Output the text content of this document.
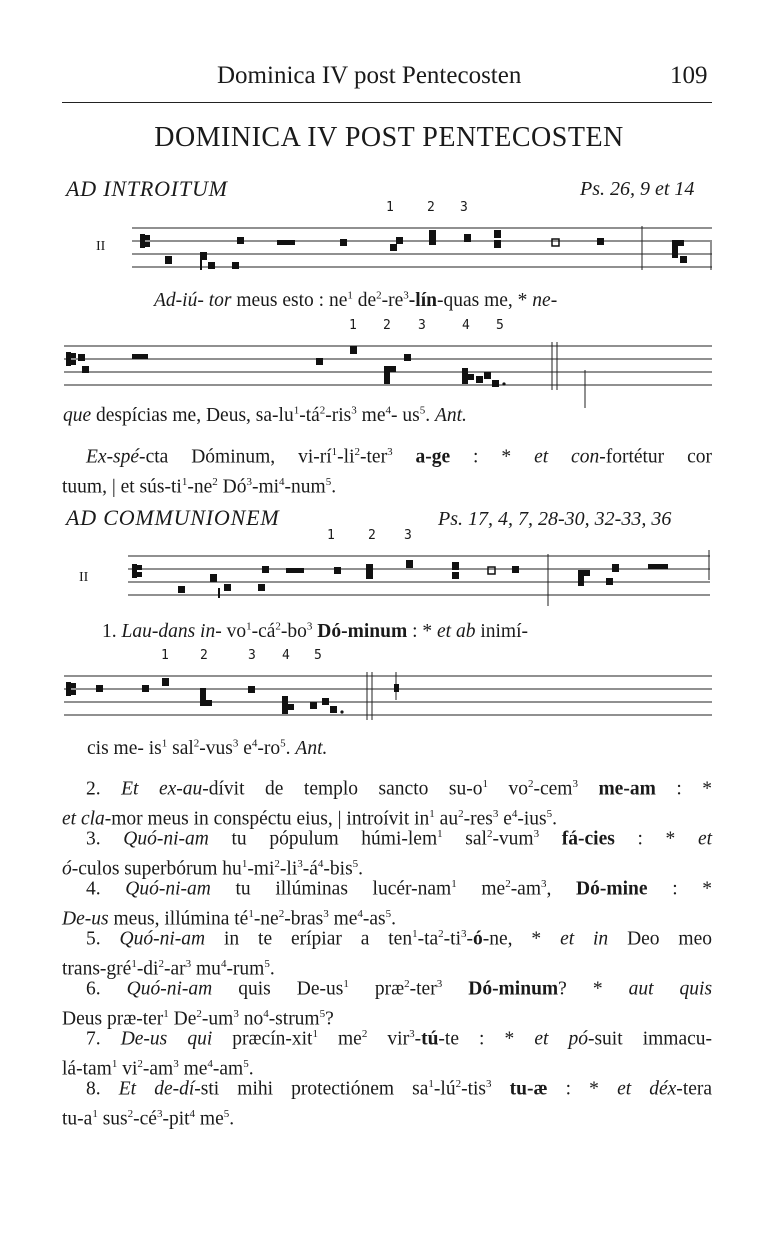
Dominica IV post Pentecosten	109
DOMINICA IV POST PENTECOSTEN
AD INTROITUM	Ps. 26, 9 et 14
1	2 3
II
Ad-iú- tor meus esto : $ne^1$ $de^2-re^3-lín$-quas me, * ne-
1 2 3	4 5
que despícias me, Deus, $sa-lu^1-tá^2-ris^3$ $me^4-$ $us^5$. Ant.
Ex-spé-cta Dóminum, $vi-rí^1-li^2-ter^3$ a-ge : * et con-fortétur cor
tuum, | et sús-$ti^1-ne^2$ $Dó^3-mi^4-num^5$.
AD COMMUNIONEM	Ps. 17, 4, 7, 28-30, 32-33, 36
1	2 3
II
1. Lau-dans in- $vo^1-cá^2-bo^3$ Dó-minum : * et ab inimí-
1 2	3 4 5
cis me- $is^1$ sal$^2$-vus$^3$ $e^4-ro^5$. Ant.
2. Et ex-au-dívit de templo sancto $su-o^1$ $vo^2-cem^3$ me-am : *
et cla-mor meus in conspéctu eius, | introívit $in^1$ $au^2-res^3$ $e^4-ius^5$.
3. Quó-ni-am tu pópulum húmi-lem$^1$ sal$^2$-vum$^3$ fá-cies : * et
ó-culos superbórum $hu^1-mi^2-li^3-á^4-bis^5$.
4. Quó-ni-am tu illúminas lucér-nam$^1$ $me^2-am^3$, Dó-mine : *
De-us meus, illúmina $té^1-ne^2-bras^3$ $me^4-as^5$.
5. Quó-ni-am in te erípiar a $ten^1-ta^2-ti^3-ó-ne$, * et in Deo meo
trans-$gré^1-di^2-ar^3$ $mu^4-rum^5$.
6. Quó-ni-am quis $De-us^1$ præ$^2$-ter$^3$ Dó-minum? * aut quis
Deus præ-ter$^1$ $De^2-um^3$ $no^4-strum^5$?
7. De-us qui præcín-xit$^1$ $me^2$ vir$^3$-tú-te : * et pó-suit immacu-
lá-tam$^1$ $vi^2-am^3$ $me^4-am^5$.
8. Et de-dí-sti mihi protectiónem $sa^1-lú^2-tis^3$ tu-æ : * et déx-tera
$tu-a^1$ $sus^2-cé^3-pit^4$ $me^5$.
